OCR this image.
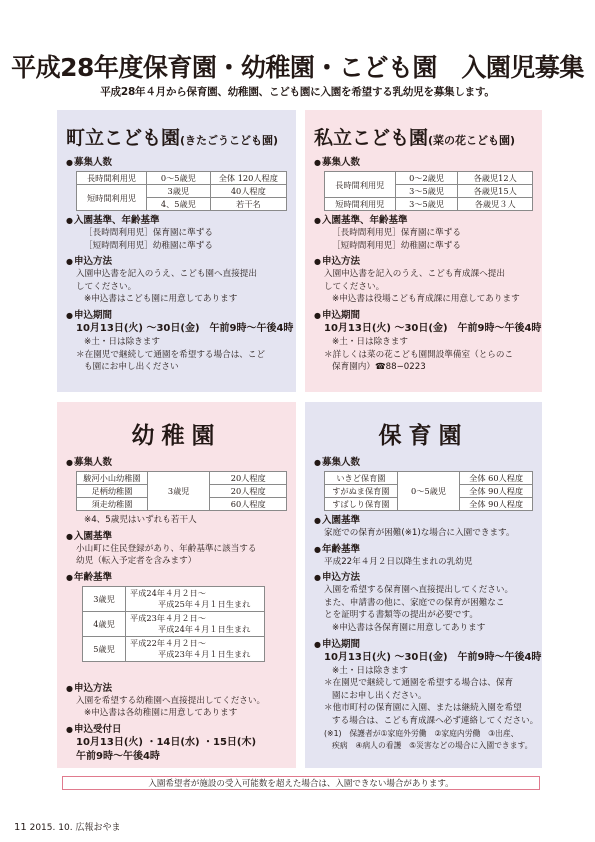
平成28年度保育園・幼稚園・こども園　入園児募集
平成28年４月から保育園、幼稚園、こども園に入園を希望する乳幼児を募集します。
町立こども園(きたごうこども園)
● 募集人数
長時間利用児	0～5歳児	全体 120人程度
短時間利用児	3歳児	40人程度
	4、5歳児	若干名
● 入園基準、年齢基準
［長時間利用児］保育園に準ずる
［短時間利用児］幼稚園に準ずる
● 申込方法
入園申込書を記入のうえ、こども園へ直接提出
してください。
※申込書はこども園に用意してあります
● 申込期間
10月13日(火) ～30日(金)　午前9時～午後4時
※土・日は除きます
＊在園児で継続して通園を希望する場合は、こど
も園にお申し出ください
私立こども園(菜の花こども園)
● 募集人数
長時間利用児	0～2歳児	各歳児12人
	3～5歳児	各歳児15人
短時間利用児	3～5歳児	各歳児３人
● 入園基準、年齢基準
［長時間利用児］保育園に準ずる
［短時間利用児］幼稚園に準ずる
● 申込方法
入園申込書を記入のうえ、こども育成課へ提出
してください。
※申込書は役場こども育成課に用意してあります
● 申込期間
10月13日(火) ～30日(金)　午前9時～午後4時
※土・日は除きます
＊詳しくは菜の花こども園開設準備室（とらのこ
保育園内）☎88−0223
幼稚園
● 募集人数
駿河小山幼稚園	3歳児	20人程度
足柄幼稚園		20人程度
須走幼稚園		60人程度
※4、5歳児はいずれも若干人
● 入園基準
小山町に住民登録があり、年齢基準に該当する
幼児（転入予定者を含みます）
● 年齢基準
3歳児	平成24年４月２日～
平成25年４月１日生まれ

4歳児	平成23年４月２日～
平成24年４月１日生まれ

5歳児	平成22年４月２日～
平成23年４月１日生まれ
● 申込方法
入園を希望する幼稚園へ直接提出してください。
※申込書は各幼稚園に用意してあります
● 申込受付日
10月13日(火) ・14日(水) ・15日(木)
午前9時～午後4時
保育園
● 募集人数
いきど保育園	0～5歳児	全体 60人程度
すがぬま保育園		全体 90人程度
すばしり保育園		全体 90人程度
● 入園基準
家庭での保育が困難(※1)な場合に入園できます。
● 年齢基準
平成22年４月２日以降生まれの乳幼児
● 申込方法
入園を希望する保育園へ直接提出してください。
また、申請書の他に、家庭での保育が困難なこ
とを証明する書類等の提出が必要です。
※申込書は各保育園に用意してあります
● 申込期間
10月13日(火) ～30日(金)　午前9時～午後4時
※土・日は除きます
＊在園児で継続して通園を希望する場合は、保育
園にお申し出ください。
＊他市町村の保育園に入園、または継続入園を希望
する場合は、こども育成課へ必ず連絡してください。
(※1)　保護者が①家庭外労働　②家庭内労働　③出産、
疾病　④病人の看護　⑤災害などの場合に入園できます。
入園希望者が施設の受入可能数を超えた場合は、入園できない場合があります。
11 2015. 10. 広報おやま
